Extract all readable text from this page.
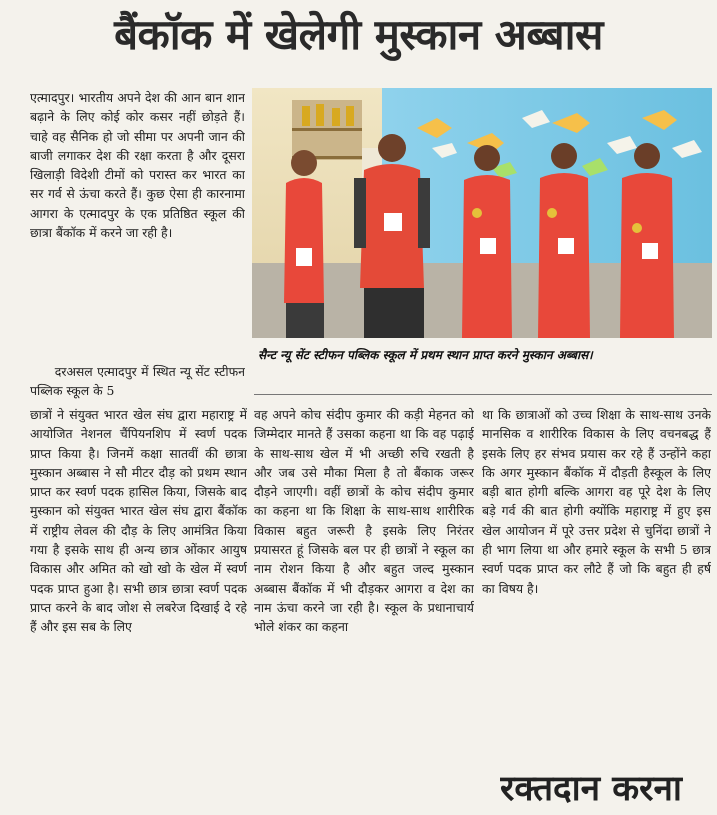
बैंकॉक में खेलेगी मुस्कान अब्बास

एत्मादपुर। भारतीय अपने देश की आन बान शान बढ़ाने के लिए कोई कोर कसर नहीं छोड़ते हैं। चाहे वह सैनिक हो जो सीमा पर अपनी जान की बाजी लगाकर देश की रक्षा करता है और दूसरा खिलाड़ी विदेशी टीमों को परास्त कर भारत का सर गर्व से ऊंचा करते हैं। कुछ ऐसा ही कारनामा आगरा के एत्मादपुर के एक प्रतिष्ठित स्कूल की छात्रा बैंकॉक में करने जा रही है।

दरअसल एत्मादपुर में स्थित न्यू सेंट स्टीफन पब्लिक स्कूल के 5

सैन्ट न्यू सेंट स्टीफन पब्लिक स्कूल में प्रथम स्थान प्राप्त करने मुस्कान अब्बास।

छात्रों ने संयुक्त भारत खेल संघ द्वारा महाराष्ट्र में आयोजित नेशनल चैंपियनशिप में स्वर्ण पदक प्राप्त किया है। जिनमें कक्षा सातवीं की छात्रा मुस्कान अब्बास ने सौ मीटर दौड़ को प्रथम स्थान प्राप्त कर स्वर्ण पदक हासिल किया, जिसके बाद मुस्कान को संयुक्त भारत खेल संघ द्वारा बैंकॉक में राष्ट्रीय लेवल की दौड़ के लिए आमंत्रित किया गया है इसके साथ ही अन्य छात्र ओंकार आयुष विकास और अमित को खो खो के खेल में स्वर्ण पदक प्राप्त हुआ है। सभी छात्र छात्रा स्वर्ण पदक प्राप्त करने के बाद जोश से लबरेज दिखाई दे रहे हैं और इस सब के लिए

वह अपने कोच संदीप कुमार की कड़ी मेहनत को जिम्मेदार मानते हैं उसका कहना था कि वह पढ़ाई के साथ-साथ खेल में भी अच्छी रुचि रखती है और जब उसे मौका मिला है तो बैंकाक जरूर दौड़ने जाएगी। वहीं छात्रों के कोच संदीप कुमार का कहना था कि शिक्षा के साथ-साथ शारीरिक विकास बहुत जरूरी है इसके लिए निरंतर प्रयासरत हूं जिसके बल पर ही छात्रों ने स्कूल का नाम रोशन किया है और बहुत जल्द मुस्कान अब्बास बैंकॉक में भी दौड़कर आगरा व देश का नाम ऊंचा करने जा रही है। स्कूल के प्रधानाचार्य भोले शंकर का कहना

था कि छात्राओं को उच्च शिक्षा के साथ-साथ उनके मानसिक व शारीरिक विकास के लिए वचनबद्ध हैं इसके लिए हर संभव प्रयास कर रहे हैं उन्होंने कहा कि अगर मुस्कान बैंकॉक में दौड़ती हैस्कूल के लिए बड़ी बात होगी बल्कि आगरा वह पूरे देश के लिए बड़े गर्व की बात होगी क्योंकि महाराष्ट्र में हुए इस खेल आयोजन में पूरे उत्तर प्रदेश से चुनिंदा छात्रों ने ही भाग लिया था और हमारे स्कूल के सभी 5 छात्र स्वर्ण पदक प्राप्त कर लौटे हैं जो कि बहुत ही हर्ष का विषय है।

रक्तदान करना
